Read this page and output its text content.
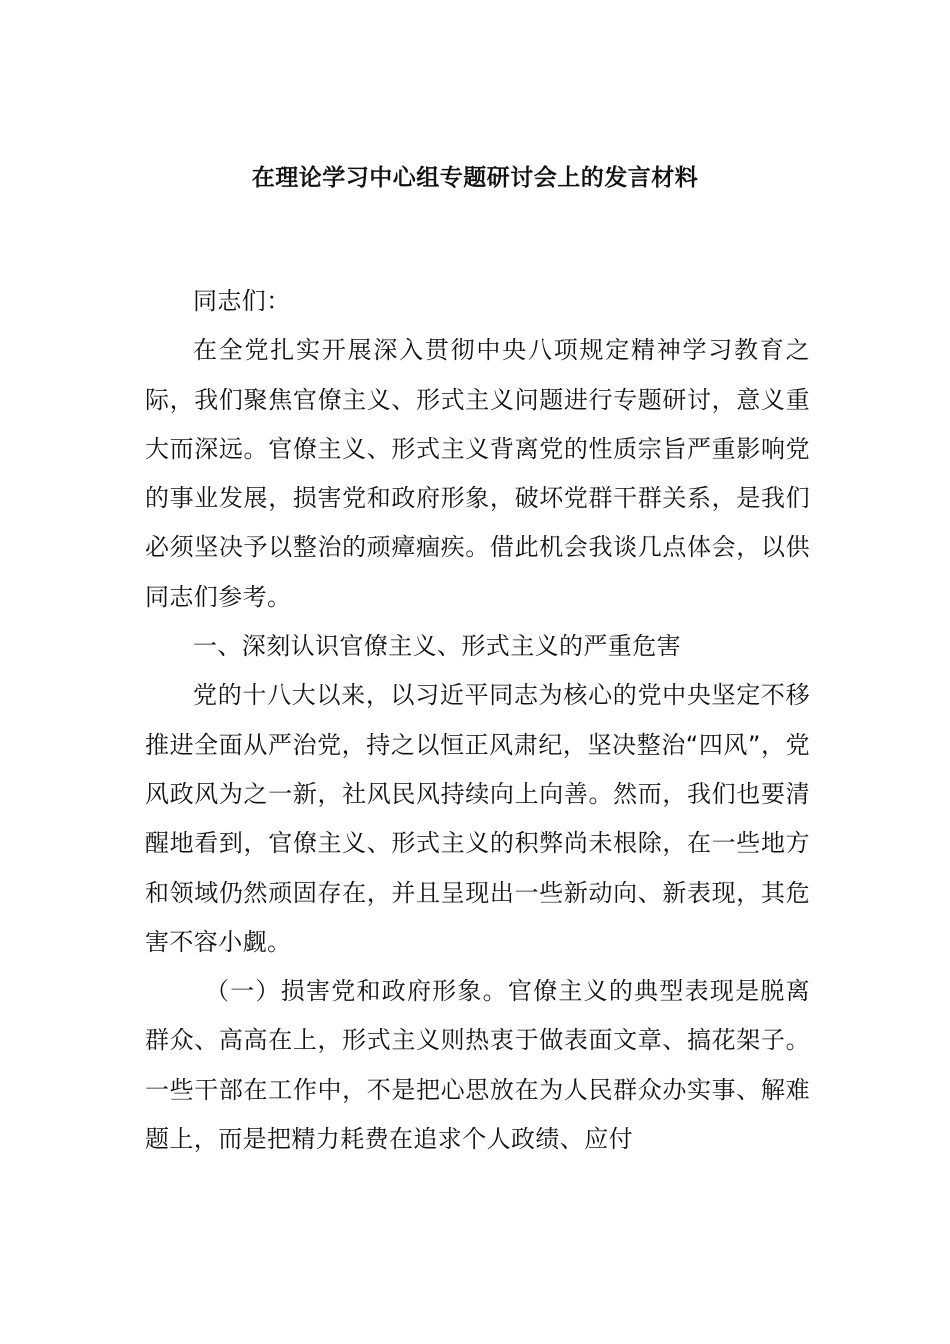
在理论学习中心组专题研讨会上的发言材料

同志们：

在全党扎实开展深入贯彻中央八项规定精神学习教育之际，我们聚焦官僚主义、形式主义问题进行专题研讨，意义重大而深远。官僚主义、形式主义背离党的性质宗旨严重影响党的事业发展，损害党和政府形象，破坏党群干群关系，是我们必须坚决予以整治的顽瘴痼疾。借此机会我谈几点体会，以供同志们参考。

一、深刻认识官僚主义、形式主义的严重危害

党的十八大以来，以习近平同志为核心的党中央坚定不移推进全面从严治党，持之以恒正风肃纪，坚决整治“四风”，党风政风为之一新，社风民风持续向上向善。然而，我们也要清醒地看到，官僚主义、形式主义的积弊尚未根除，在一些地方和领域仍然顽固存在，并且呈现出一些新动向、新表现，其危害不容小觑。

（一）损害党和政府形象。官僚主义的典型表现是脱离群众、高高在上，形式主义则热衷于做表面文章、搞花架子。一些干部在工作中，不是把心思放在为人民群众办实事、解难题上，而是把精力耗费在追求个人政绩、应付
